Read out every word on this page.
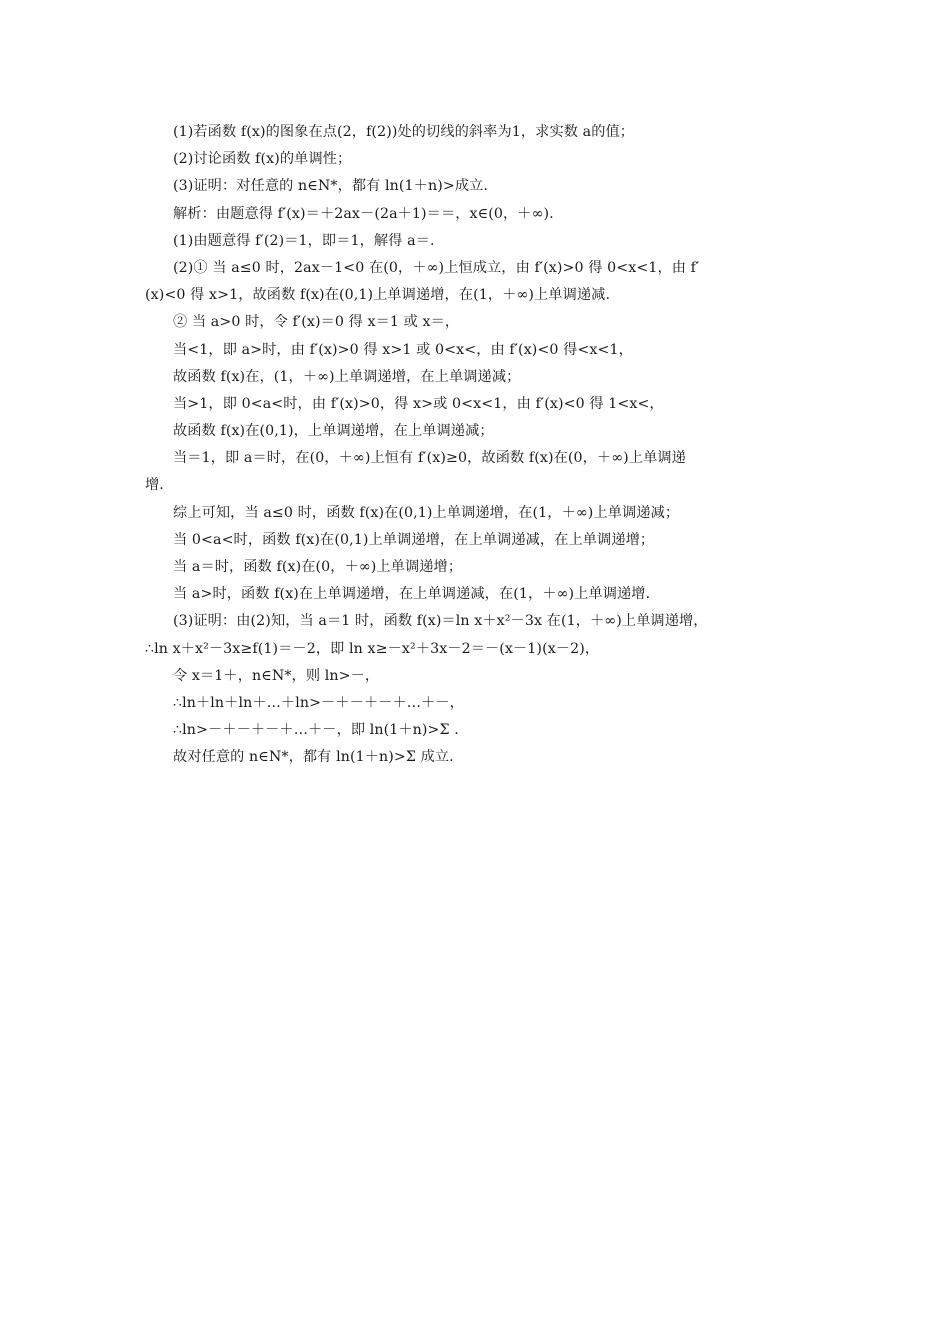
(1)若函数 f(x)的图象在点(2，f(2))处的切线的斜率为1，求实数 a的值；
(2)讨论函数 f(x)的单调性；
(3)证明：对任意的 n∈N*，都有 ln(1＋n)>成立.
解析：由题意得 f′(x)＝＋2ax－(2a＋1)＝＝，x∈(0，＋∞).
(1)由题意得 f′(2)＝1，即＝1，解得 a＝.
(2)① 当 a≤0 时，2ax－1<0 在(0，＋∞)上恒成立，由 f′(x)>0 得 0<x<1，由 f′
(x)<0 得 x>1，故函数 f(x)在(0,1)上单调递增，在(1，＋∞)上单调递减.
② 当 a>0 时，令 f′(x)＝0 得 x＝1 或 x＝，
当<1，即 a>时，由 f′(x)>0 得 x>1 或 0<x<，由 f′(x)<0 得<x<1，
故函数 f(x)在，(1，＋∞)上单调递增，在上单调递减；
当>1，即 0<a<时，由 f′(x)>0，得 x>或 0<x<1，由 f′(x)<0 得 1<x<，
故函数 f(x)在(0,1)，上单调递增，在上单调递减；
当＝1，即 a＝时，在(0，＋∞)上恒有 f′(x)≥0，故函数 f(x)在(0，＋∞)上单调递
增.
综上可知，当 a≤0 时，函数 f(x)在(0,1)上单调递增，在(1，＋∞)上单调递减；
当 0<a<时，函数 f(x)在(0,1)上单调递增，在上单调递减，在上单调递增；
当 a＝时，函数 f(x)在(0，＋∞)上单调递增；
当 a>时，函数 f(x)在上单调递增，在上单调递减，在(1，＋∞)上单调递增.
(3)证明：由(2)知，当 a＝1 时，函数 f(x)＝ln x＋x²－3x 在(1，＋∞)上单调递增，
∴ln x＋x²－3x≥f(1)＝－2，即 ln x≥－x²＋3x－2＝－(x－1)(x－2)，
令 x＝1＋，n∈N*，则 ln>－，
∴ln＋ln＋ln＋…＋ln>－＋－＋－＋…＋－，
∴ln>－＋－＋－＋…＋－，即 ln(1＋n)>Σ .
故对任意的 n∈N*，都有 ln(1＋n)>Σ 成立.
